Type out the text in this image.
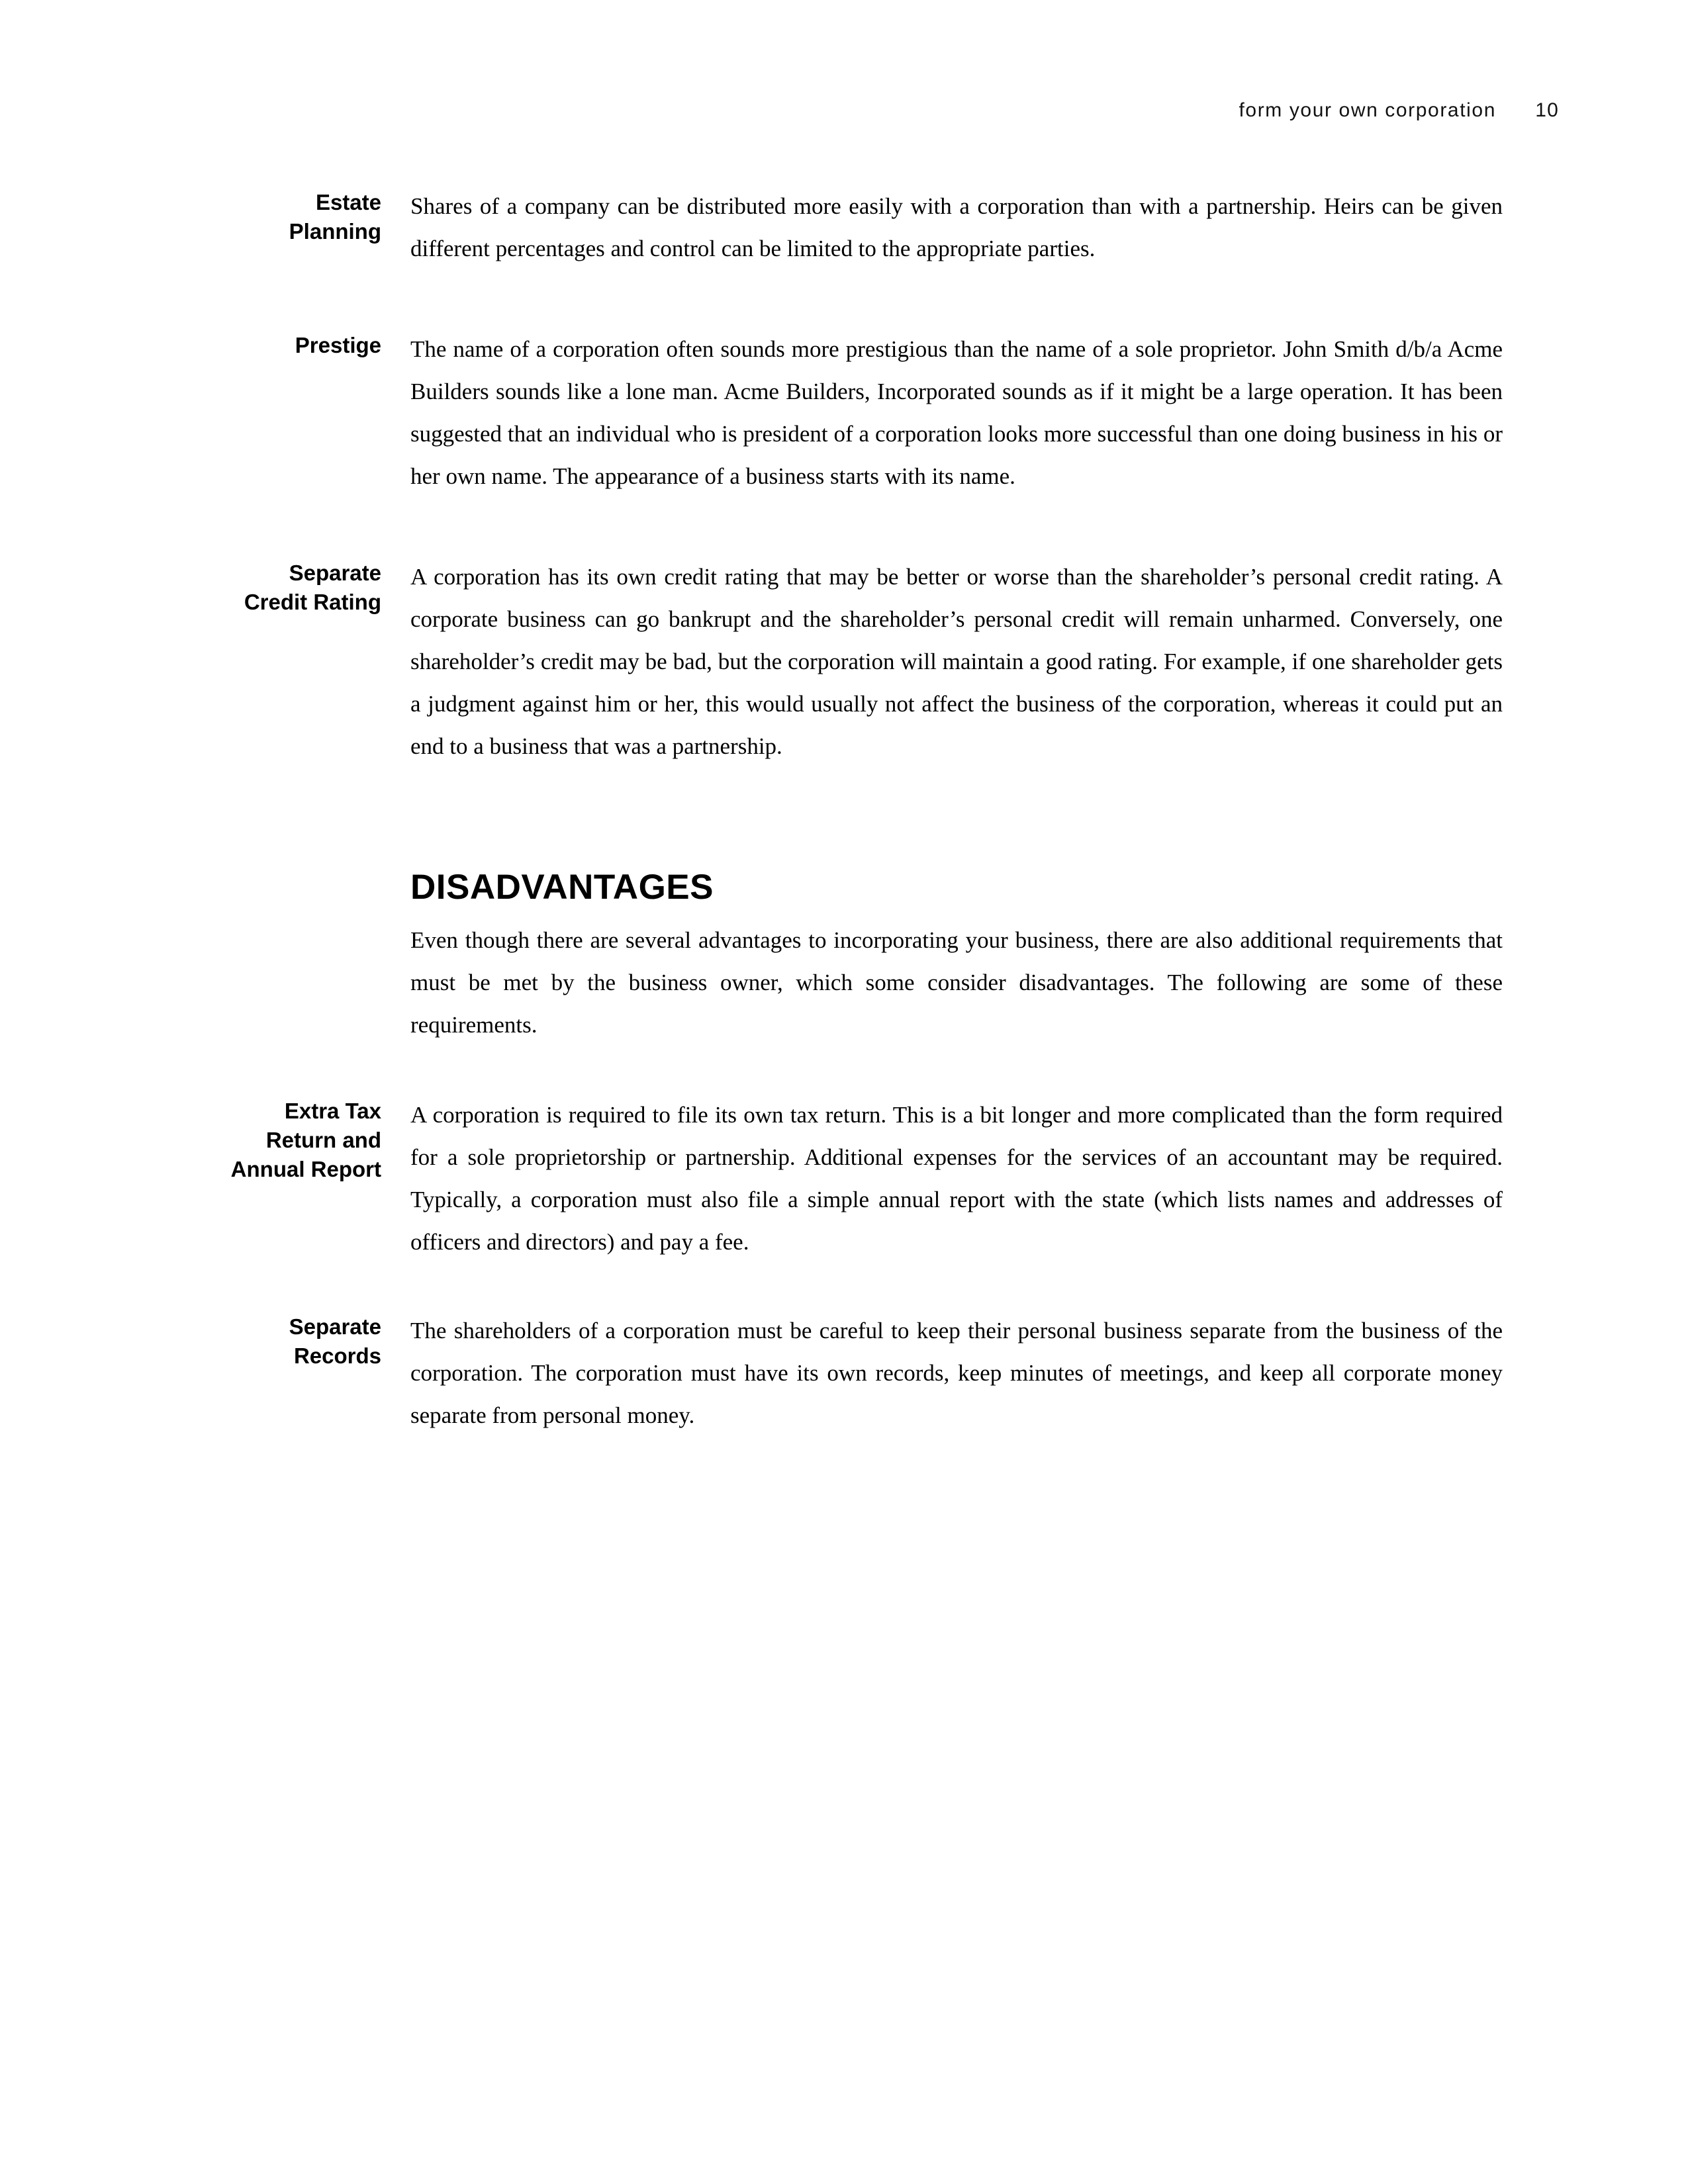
form your own corporation 10
Estate
Planning
Shares of a company can be distributed more easily with a corporation than with a partnership. Heirs can be given different percentages and control can be limited to the appropriate parties.
Prestige The name of a corporation often sounds more prestigious than the name of a sole proprietor. John Smith d/b/a Acme Builders sounds like a lone man. Acme Builders, Incorporated sounds as if it might be a large operation. It has been suggested that an individual who is president of a corporation looks more successful than one doing business in his or her own name. The appearance of a business starts with its name.
Separate
Credit Rating
A corporation has its own credit rating that may be better or worse than the shareholder’s personal credit rating. A corporate business can go bankrupt and the shareholder’s personal credit will remain unharmed. Conversely, one shareholder’s credit may be bad, but the corporation will maintain a good rating. For example, if one shareholder gets a judgment against him or her, this would usually not affect the business of the corporation, whereas it could put an end to a business that was a partnership.
DISADVANTAGES
Even though there are several advantages to incorporating your business, there are also additional requirements that must be met by the business owner, which some consider disadvantages. The following are some of these requirements.
Extra Tax
Return and
Annual Report
A corporation is required to file its own tax return. This is a bit longer and more complicated than the form required for a sole proprietorship or partnership. Additional expenses for the services of an accountant may be required. Typically, a corporation must also file a simple annual report with the state (which lists names and addresses of officers and directors) and pay a fee.
Separate
Records
The shareholders of a corporation must be careful to keep their personal business separate from the business of the corporation. The corporation must have its own records, keep minutes of meetings, and keep all corporate money separate from personal money.
